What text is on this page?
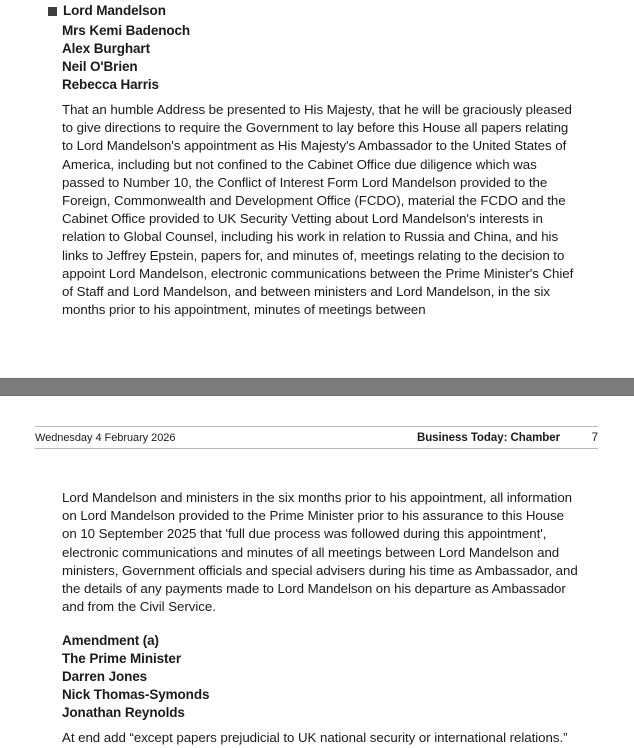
Lord Mandelson
Mrs Kemi Badenoch
Alex Burghart
Neil O'Brien
Rebecca Harris

That an humble Address be presented to His Majesty, that he will be graciously pleased to give directions to require the Government to lay before this House all papers relating to Lord Mandelson's appointment as His Majesty's Ambassador to the United States of America, including but not confined to the Cabinet Office due diligence which was passed to Number 10, the Conflict of Interest Form Lord Mandelson provided to the Foreign, Commonwealth and Development Office (FCDO), material the FCDO and the Cabinet Office provided to UK Security Vetting about Lord Mandelson's interests in relation to Global Counsel, including his work in relation to Russia and China, and his links to Jeffrey Epstein, papers for, and minutes of, meetings relating to the decision to appoint Lord Mandelson, electronic communications between the Prime Minister's Chief of Staff and Lord Mandelson, and between ministers and Lord Mandelson, in the six months prior to his appointment, minutes of meetings between

Wednesday 4 February 2026	Business Today: Chamber	7

Lord Mandelson and ministers in the six months prior to his appointment, all information on Lord Mandelson provided to the Prime Minister prior to his assurance to this House on 10 September 2025 that 'full due process was followed during this appointment', electronic communications and minutes of all meetings between Lord Mandelson and ministers, Government officials and special advisers during his time as Ambassador, and the details of any payments made to Lord Mandelson on his departure as Ambassador and from the Civil Service.

Amendment (a)
The Prime Minister
Darren Jones
Nick Thomas-Symonds
Jonathan Reynolds

At end add “except papers prejudicial to UK national security or international relations.”
